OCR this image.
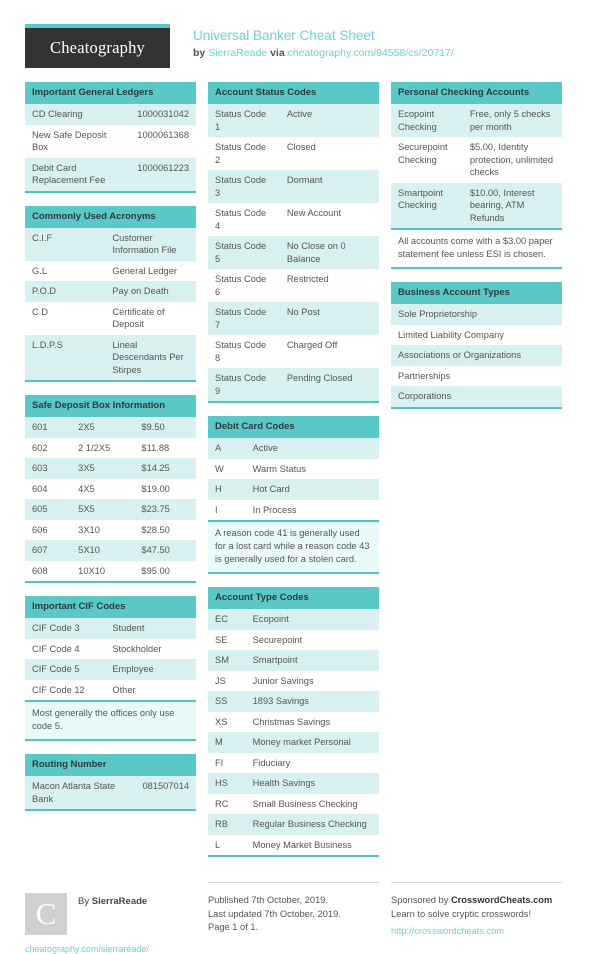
Cheatography
Universal Banker Cheat Sheet
by SierraReade via cheatography.com/94558/cs/20717/
Important General Ledgers
CD Clearing	1000031042
New Safe Deposit Box	1000061368
Debit Card Replacement Fee	1000061223
Commonly Used Acronyms
C.I.F	Customer Information File
G.L	General Ledger
P.O.D	Pay on Death
C.D	Certificate of Deposit
L.D.P.S	Lineal Descendants Per Stirpes
Safe Deposit Box Information
601	2X5	$9.50
602	2 1/2X5	$11.88
603	3X5	$14.25
604	4X5	$19.00
605	5X5	$23.75
606	3X10	$28.50
607	5X10	$47.50
608	10X10	$95.00
Important CIF Codes
CIF Code 3	Student
CIF Code 4	Stockholder
CIF Code 5	Employee
CIF Code 12	Other
Most generally the offices only use code 5.
Routing Number
Macon Atlanta State Bank	081507014
Account Status Codes
Status Code 1	Active
Status Code 2	Closed
Status Code 3	Dormant
Status Code 4	New Account
Status Code 5	No Close on 0 Balance
Status Code 6	Restricted
Status Code 7	No Post
Status Code 8	Charged Off
Status Code 9	Pending Closed
Debit Card Codes
A	Active
W	Warm Status
H	Hot Card
I	In Process
A reason code 41 is generally used for a lost card while a reason code 43 is generally used for a stolen card.
Account Type Codes
EC	Ecopoint
SE	Securepoint
SM	Smartpoint
JS	Junior Savings
SS	1893 Savings
XS	Christmas Savings
M	Money market Personal
FI	Fiduciary
HS	Health Savings
RC	Small Business Checking
RB	Regular Business Checking
L	Money Market Business
Personal Checking Accounts
Ecopoint Checking	Free, only 5 checks per month
Securepoint Checking	$5.00, Identity protection, unlimited checks
Smartpoint Checking	$10.00, Interest bearing, ATM Refunds
All accounts come with a $3.00 paper statement fee unless ESI is chosen.
Business Account Types
Sole Proprietorship
Limited Liability Company
Associations or Organizations
Partnerships
Corporations
C	By SierraReade
cheatography.com/sierrareade/
Published 7th October, 2019.
Last updated 7th October, 2019.
Page 1 of 1.
Sponsored by CrosswordCheats.com
Learn to solve cryptic crosswords!
http://crosswordcheats.com
